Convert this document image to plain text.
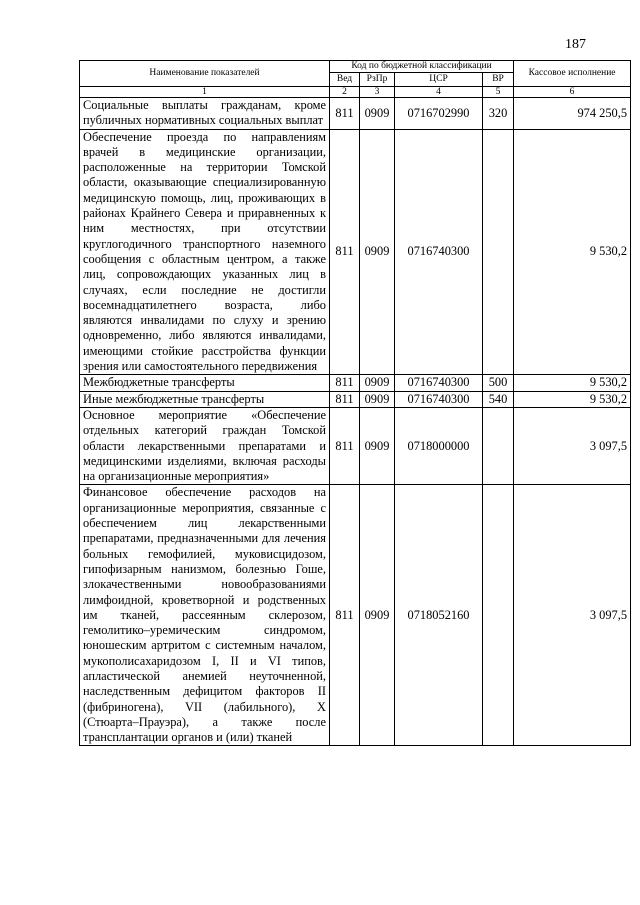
187
Наименование показателей	Код по бюджетной классификации				Кассовое исполнение
	Вед	РзПр	ЦСР	ВР	
1	2	3	4	5	6
Социальные выплаты гражданам, кроме публичных нормативных социальных выплат	811	0909	0716702990	320	974 250,5
Обеспечение проезда по направлениям врачей в медицинские организации, расположенные на территории Томской области, оказывающие специализированную медицинскую помощь, лиц, проживающих в районах Крайнего Севера и приравненных к ним местностях, при отсутствии круглогодичного транспортного наземного сообщения с областным центром, а также лиц, сопровождающих указанных лиц в случаях, если последние не достигли восемнадцатилетнего возраста, либо являются инвалидами по слуху и зрению одновременно, либо являются инвалидами, имеющими стойкие расстройства функции зрения или самостоятельного передвижения	811	0909	0716740300		9 530,2
Межбюджетные трансферты	811	0909	0716740300	500	9 530,2
Иные межбюджетные трансферты	811	0909	0716740300	540	9 530,2
Основное мероприятие «Обеспечение отдельных категорий граждан Томской области лекарственными препаратами и медицинскими изделиями, включая расходы на организационные мероприятия»	811	0909	0718000000		3 097,5
Финансовое обеспечение расходов на организационные мероприятия, связанные с обеспечением лиц лекарственными препаратами, предназначенными для лечения больных гемофилией, муковисцидозом, гипофизарным нанизмом, болезнью Гоше, злокачественными новообразованиями лимфоидной, кроветворной и родственных им тканей, рассеянным склерозом, гемолитико–уремическим синдромом, юношеским артритом с системным началом, мукополисахаридозом I, II и VI типов, апластической анемией неуточненной, наследственным дефицитом факторов II (фибриногена), VII (лабильного), X (Стюарта–Прауэра), а также после трансплантации органов и (или) тканей	811	0909	0718052160		3 097,5
